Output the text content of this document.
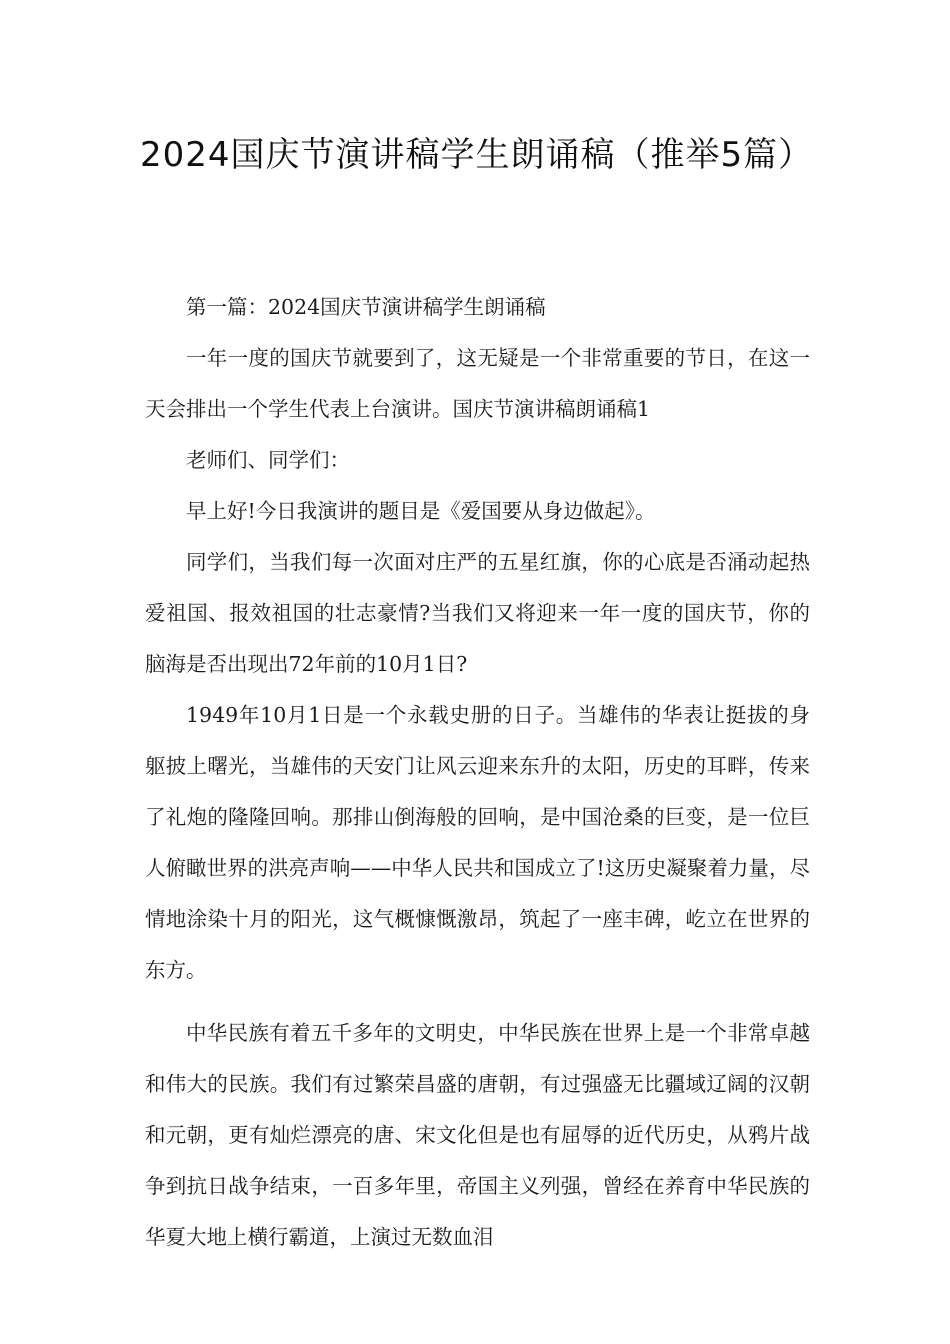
2024国庆节演讲稿学生朗诵稿（推举5篇）

第一篇：2024国庆节演讲稿学生朗诵稿

一年一度的国庆节就要到了，这无疑是一个非常重要的节日，在这一天会排出一个学生代表上台演讲。国庆节演讲稿朗诵稿1

老师们、同学们：

早上好!今日我演讲的题目是《爱国要从身边做起》。

同学们，当我们每一次面对庄严的五星红旗，你的心底是否涌动起热爱祖国、报效祖国的壮志豪情?当我们又将迎来一年一度的国庆节，你的脑海是否出现出72年前的10月1日?

1949年10月1日是一个永载史册的日子。当雄伟的华表让挺拔的身躯披上曙光，当雄伟的天安门让风云迎来东升的太阳，历史的耳畔，传来了礼炮的隆隆回响。那排山倒海般的回响，是中国沧桑的巨变，是一位巨人俯瞰世界的洪亮声响——中华人民共和国成立了!这历史凝聚着力量，尽情地涂染十月的阳光，这气概慷慨激昂，筑起了一座丰碑，屹立在世界的东方。

中华民族有着五千多年的文明史，中华民族在世界上是一个非常卓越和伟大的民族。我们有过繁荣昌盛的唐朝，有过强盛无比疆域辽阔的汉朝和元朝，更有灿烂漂亮的唐、宋文化但是也有屈辱的近代历史，从鸦片战争到抗日战争结束，一百多年里，帝国主义列强，曾经在养育中华民族的华夏大地上横行霸道，上演过无数血泪
